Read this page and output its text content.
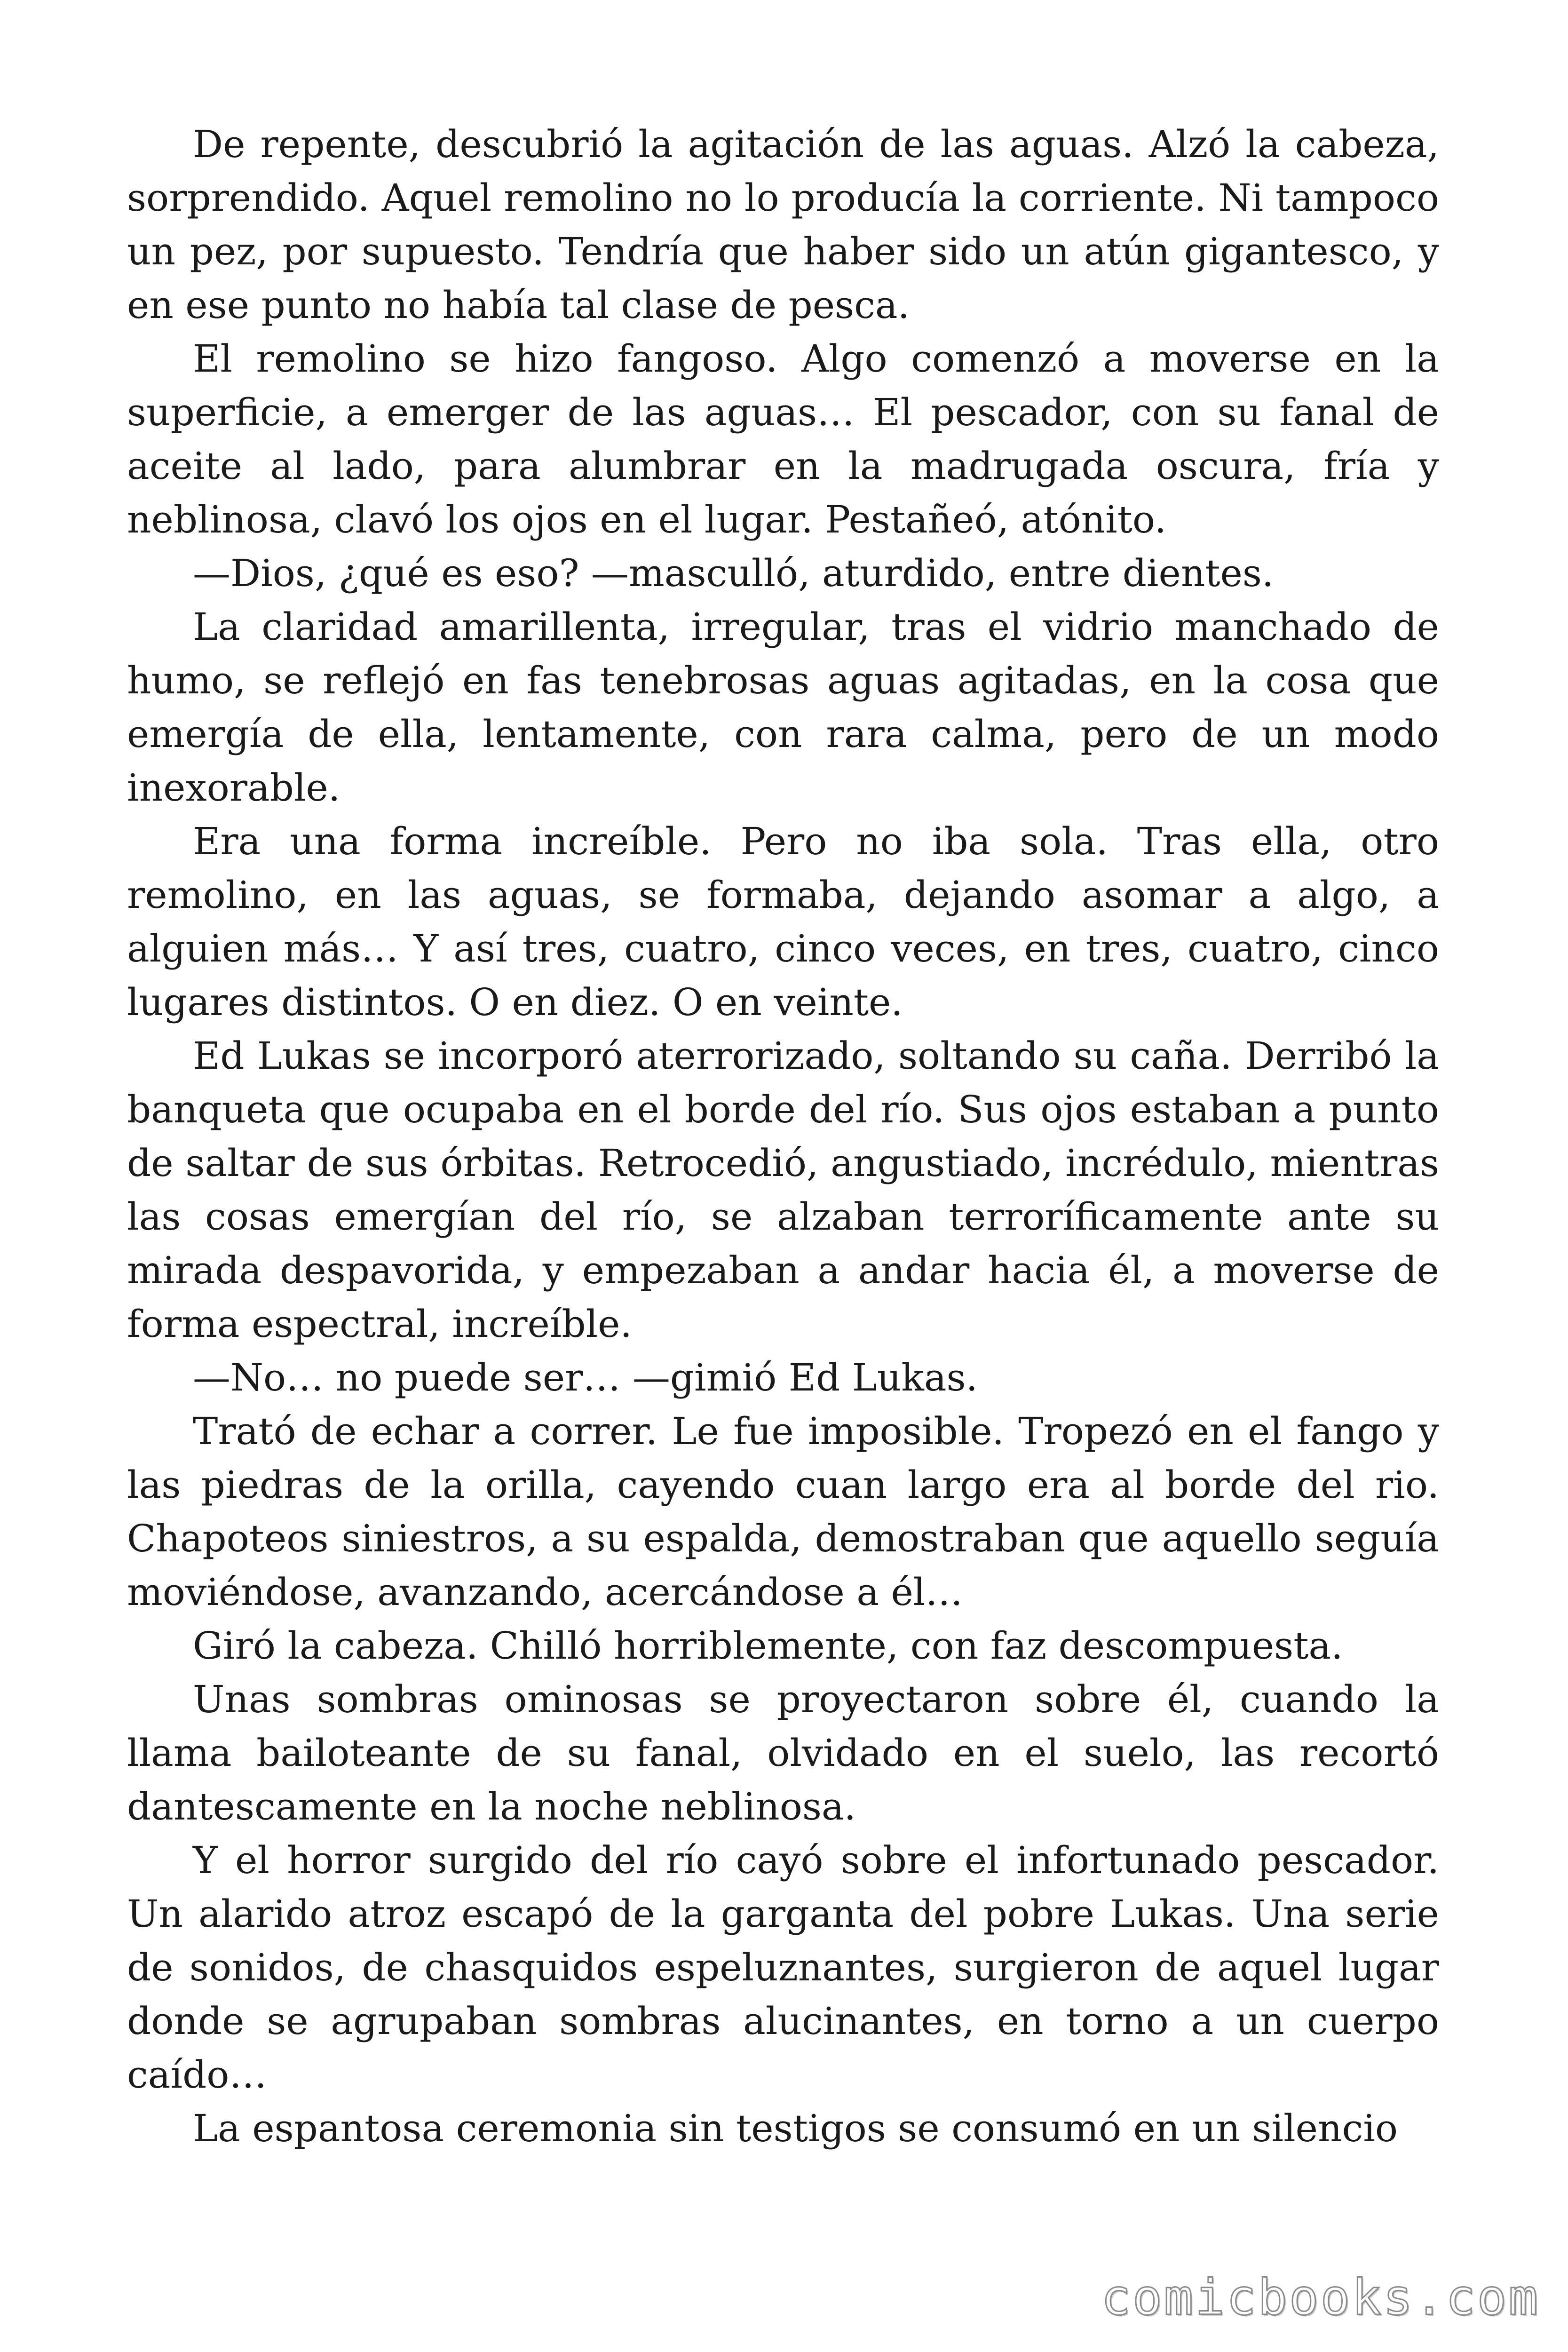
De repente, descubrió la agitación de las aguas. Alzó la cabeza, sorprendido. Aquel remolino no lo producía la corriente. Ni tampoco un pez, por supuesto. Tendría que haber sido un atún gigantesco, y en ese punto no había tal clase de pesca.

El remolino se hizo fangoso. Algo comenzó a moverse en la superficie, a emerger de las aguas… El pescador, con su fanal de aceite al lado, para alumbrar en la madrugada oscura, fría y neblinosa, clavó los ojos en el lugar. Pestañeó, atónito.

—Dios, ¿qué es eso? —masculló, aturdido, entre dientes.

La claridad amarillenta, irregular, tras el vidrio manchado de humo, se reflejó en fas tenebrosas aguas agitadas, en la cosa que emergía de ella, lentamente, con rara calma, pero de un modo inexorable.

Era una forma increíble. Pero no iba sola. Tras ella, otro remolino, en las aguas, se formaba, dejando asomar a algo, a alguien más… Y así tres, cuatro, cinco veces, en tres, cuatro, cinco lugares distintos. O en diez. O en veinte.

Ed Lukas se incorporó aterrorizado, soltando su caña. Derribó la banqueta que ocupaba en el borde del río. Sus ojos estaban a punto de saltar de sus órbitas. Retrocedió, angustiado, incrédulo, mientras las cosas emergían del río, se alzaban terroríficamente ante su mirada despavorida, y empezaban a andar hacia él, a moverse de forma espectral, increíble.

—No… no puede ser… —gimió Ed Lukas.

Trató de echar a correr. Le fue imposible. Tropezó en el fango y las piedras de la orilla, cayendo cuan largo era al borde del rio. Chapoteos siniestros, a su espalda, demostraban que aquello seguía moviéndose, avanzando, acercándose a él…

Giró la cabeza. Chilló horriblemente, con faz descompuesta.

Unas sombras ominosas se proyectaron sobre él, cuando la llama bailoteante de su fanal, olvidado en el suelo, las recortó dantescamente en la noche neblinosa.

Y el horror surgido del río cayó sobre el infortunado pescador. Un alarido atroz escapó de la garganta del pobre Lukas. Una serie de sonidos, de chasquidos espeluznantes, surgieron de aquel lugar donde se agrupaban sombras alucinantes, en torno a un cuerpo caído…

La espantosa ceremonia sin testigos se consumó en un silencio

comicbooks.com
